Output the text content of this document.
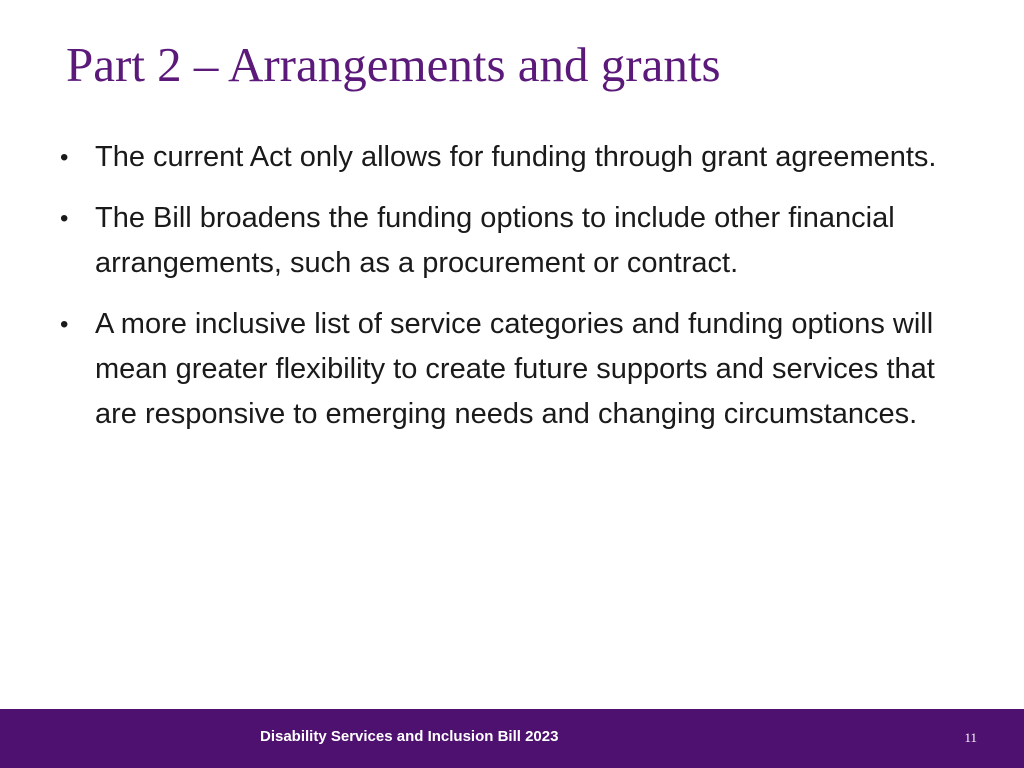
Part 2 – Arrangements and grants
• The current Act only allows for funding through grant agreements.
• The Bill broadens the funding options to include other financial arrangements, such as a procurement or contract.
• A more inclusive list of service categories and funding options will mean greater flexibility to create future supports and services that are responsive to emerging needs and changing circumstances.
Disability Services and Inclusion Bill 2023	11
